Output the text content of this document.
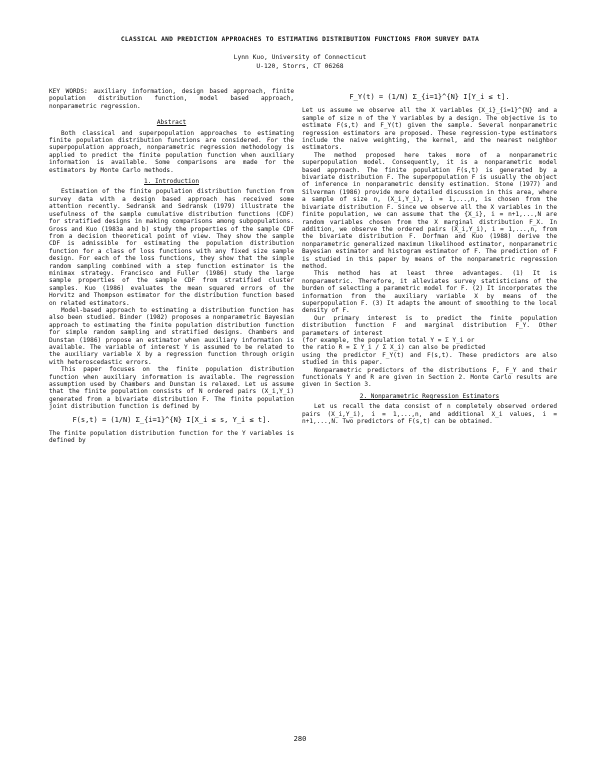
CLASSICAL AND PREDICTION APPROACHES TO ESTIMATING DISTRIBUTION FUNCTIONS FROM SURVEY DATA
Lynn Kuo, University of Connecticut
U-120, Storrs, CT 06268

KEY WORDS: auxiliary information, design based approach, finite population distribution function, model based approach, nonparametric regression.

Abstract

Both classical and superpopulation approaches to estimating finite population distribution functions are considered. For the superpopulation approach, nonparametric regression methodology is applied to predict the finite population function when auxiliary information is available. Some comparisons are made for the estimators by Monte Carlo methods.

1. Introduction

Estimation of the finite population distribution function from survey data with a design based approach has received some attention recently. Sedransk and Sedransk (1979) illustrate the usefulness of the sample cumulative distribution functions (CDF) for stratified designs in making comparisons among subpopulations. Gross and Kuo (1983a and b) study the properties of the sample CDF from a decision theoretical point of view. They show the sample CDF is admissible for estimating the population distribution function for a class of loss functions with any fixed size sample design. For each of the loss functions, they show that the simple random sampling combined with a step function estimator is the minimax strategy. Francisco and Fuller (1986) study the large sample properties of the sample CDF from stratified cluster samples. Kuo (1986) evaluates the mean squared errors of the Horvitz and Thompson estimator for the distribution function based on related estimators.

Model-based approach to estimating a distribution function has also been studied. Binder (1982) proposes a nonparametric Bayesian approach to estimating the finite population distribution function for simple random sampling and stratified designs. Chambers and Dunstan (1986) propose an estimator when auxiliary information is available. The variable of interest Y is assumed to be related to the auxiliary variable X by a regression function through origin with heteroscedastic errors.

This paper focuses on the finite population distribution function when auxiliary information is available. The regression assumption used by Chambers and Dunstan is relaxed. Let us assume that the finite population consists of N ordered pairs (X_i,Y_i) generated from a bivariate distribution F. The finite population joint distribution function is defined by

F(s,t) = (1/N) Σ_{i=1}^{N} I[X_i ≤ s, Y_i ≤ t].

The finite population distribution function for the Y variables is defined by

F_Y(t) = (1/N) Σ_{i=1}^{N} I[Y_i ≤ t].

Let us assume we observe all the X variables {X_i}_{i=1}^{N} and a sample of size n of the Y variables by a design. The objective is to estimate F(s,t) and F_Y(t) given the sample. Several nonparametric regression estimators are proposed. These regression-type estimators include the naive weighting, the kernel, and the nearest neighbor estimators.

The method proposed here takes more of a nonparametric superpopulation model. Consequently, it is a nonparametric model based approach. The finite population F(s,t) is generated by a bivariate distribution F. The superpopulation F is usually the object of inference in nonparametric density estimation. Stone (1977) and Silverman (1986) provide more detailed discussion in this area, where a sample of size n, (X_i,Y_i), i = 1,...,n, is chosen from the bivariate distribution F. Since we observe all the X variables in the finite population, we can assume that the {X_i}, i = n+1,...,N are random variables chosen from the X marginal distribution F_X. In addition, we observe the ordered pairs (X_i,Y_i), i = 1,...,n, from the bivariate distribution F. Dorfman and Kuo (1988) derive the nonparametric generalized maximum likelihood estimator, nonparametric Bayesian estimator and histogram estimator of F. The prediction of F is studied in this paper by means of the nonparametric regression method.

This method has at least three advantages. (1) It is nonparametric. Therefore, it alleviates survey statisticians of the burden of selecting a parametric model for F. (2) It incorporates the information from the auxiliary variable X by means of the superpopulation F. (3) It adapts the amount of smoothing to the local density of F.

Our primary interest is to predict the finite population distribution function F and marginal distribution F_Y. Other parameters of interest

(for example, the population total Y = Σ Y_i or

the ratio R = Σ Y_i / Σ X_i) can also be predicted

using the predictor F_Y(t) and F(s,t). These predictors are also studied in this paper.

Nonparametric predictors of the distributions F, F_Y and their functionals Y and R are given in Section 2. Monte Carlo results are given in Section 3.

2. Nonparametric Regression Estimators

Let us recall the data consist of n completely observed ordered pairs (X_i,Y_i), i = 1,...,n, and additional X_i values, i = n+1,...,N. Two predictors of F(s,t) can be obtained.

280
